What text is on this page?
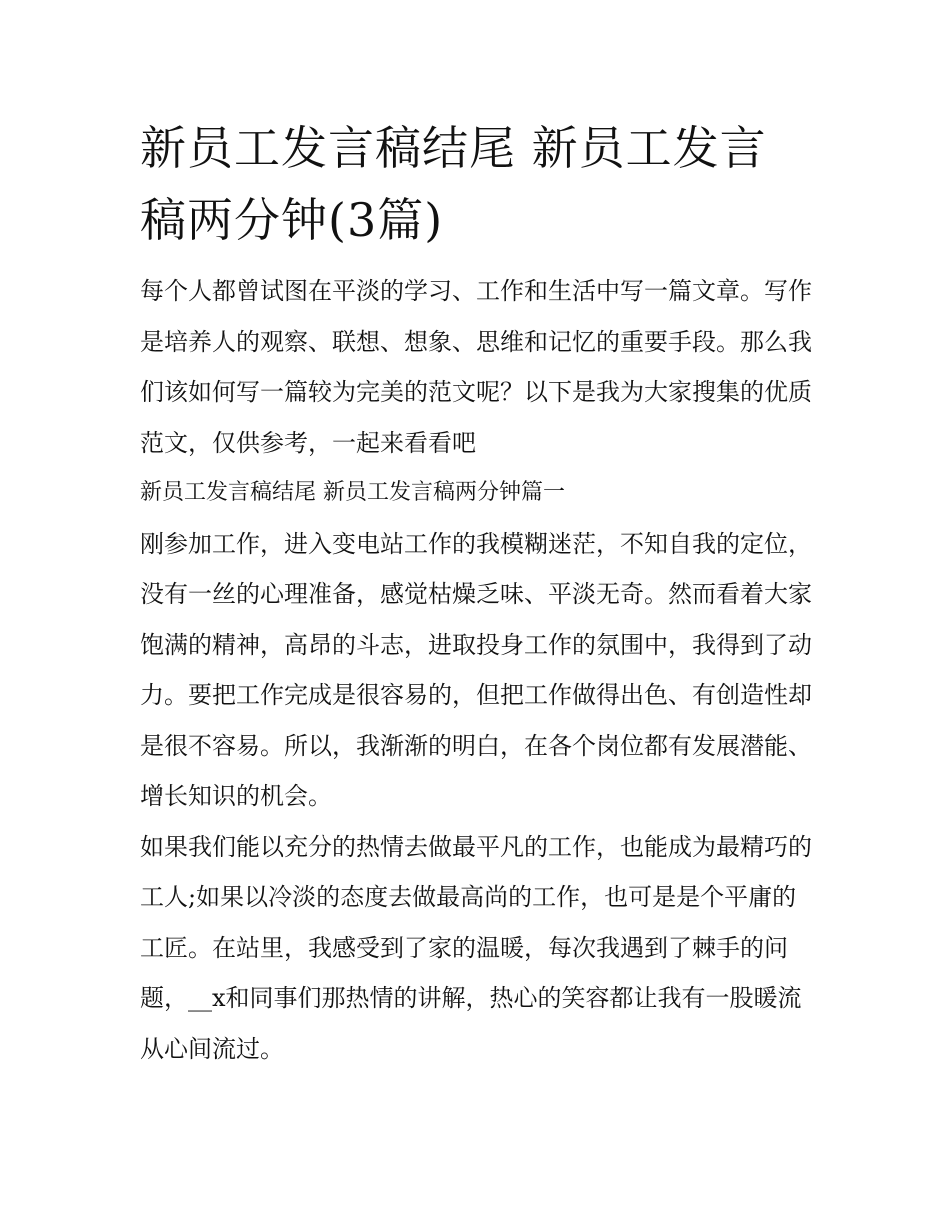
新员工发言稿结尾 新员工发言稿两分钟(3篇)

每个人都曾试图在平淡的学习、工作和生活中写一篇文章。写作是培养人的观察、联想、想象、思维和记忆的重要手段。那么我们该如何写一篇较为完美的范文呢？以下是我为大家搜集的优质范文，仅供参考，一起来看看吧

新员工发言稿结尾 新员工发言稿两分钟篇一

刚参加工作，进入变电站工作的我模糊迷茫，不知自我的定位，没有一丝的心理准备，感觉枯燥乏味、平淡无奇。然而看着大家饱满的精神，高昂的斗志，进取投身工作的氛围中，我得到了动力。要把工作完成是很容易的，但把工作做得出色、有创造性却是很不容易。所以，我渐渐的明白，在各个岗位都有发展潜能、增长知识的机会。

如果我们能以充分的热情去做最平凡的工作，也能成为最精巧的工人;如果以冷淡的态度去做最高尚的工作，也可是是个平庸的工匠。在站里，我感受到了家的温暖，每次我遇到了棘手的问题，__x和同事们那热情的讲解，热心的笑容都让我有一股暖流从心间流过。
